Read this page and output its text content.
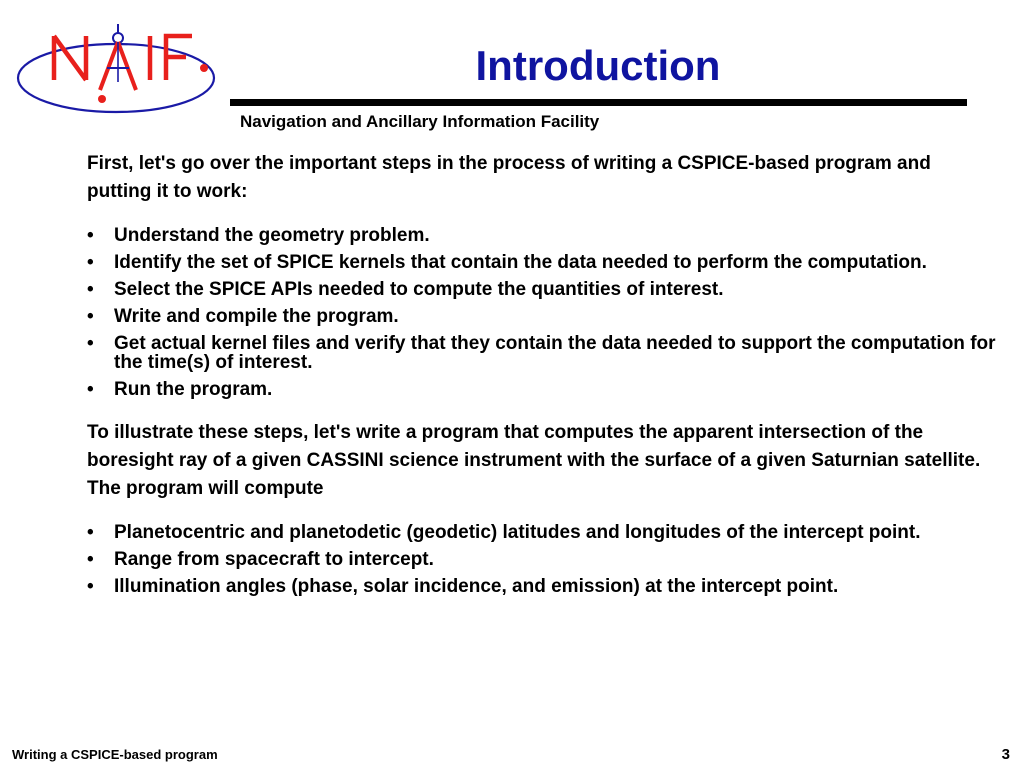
Introduction
Navigation and Ancillary Information Facility

First, let's go over the important steps in the process of writing a CSPICE-based program and putting it to work:

• Understand the geometry problem.
• Identify the set of SPICE kernels that contain the data needed to perform the computation.
• Select the SPICE APIs needed to compute the quantities of interest.
• Write and compile the program.
• Get actual kernel files and verify that they contain the data needed to support the computation for the time(s) of interest.
• Run the program.

To illustrate these steps, let's write a program that computes the apparent intersection of the boresight ray of a given CASSINI science instrument with the surface of a given Saturnian satellite. The program will compute

• Planetocentric and planetodetic (geodetic) latitudes and longitudes of the intercept point.
• Range from spacecraft to intercept.
• Illumination angles (phase, solar incidence, and emission) at the intercept point.
Writing a CSPICE-based program	3
